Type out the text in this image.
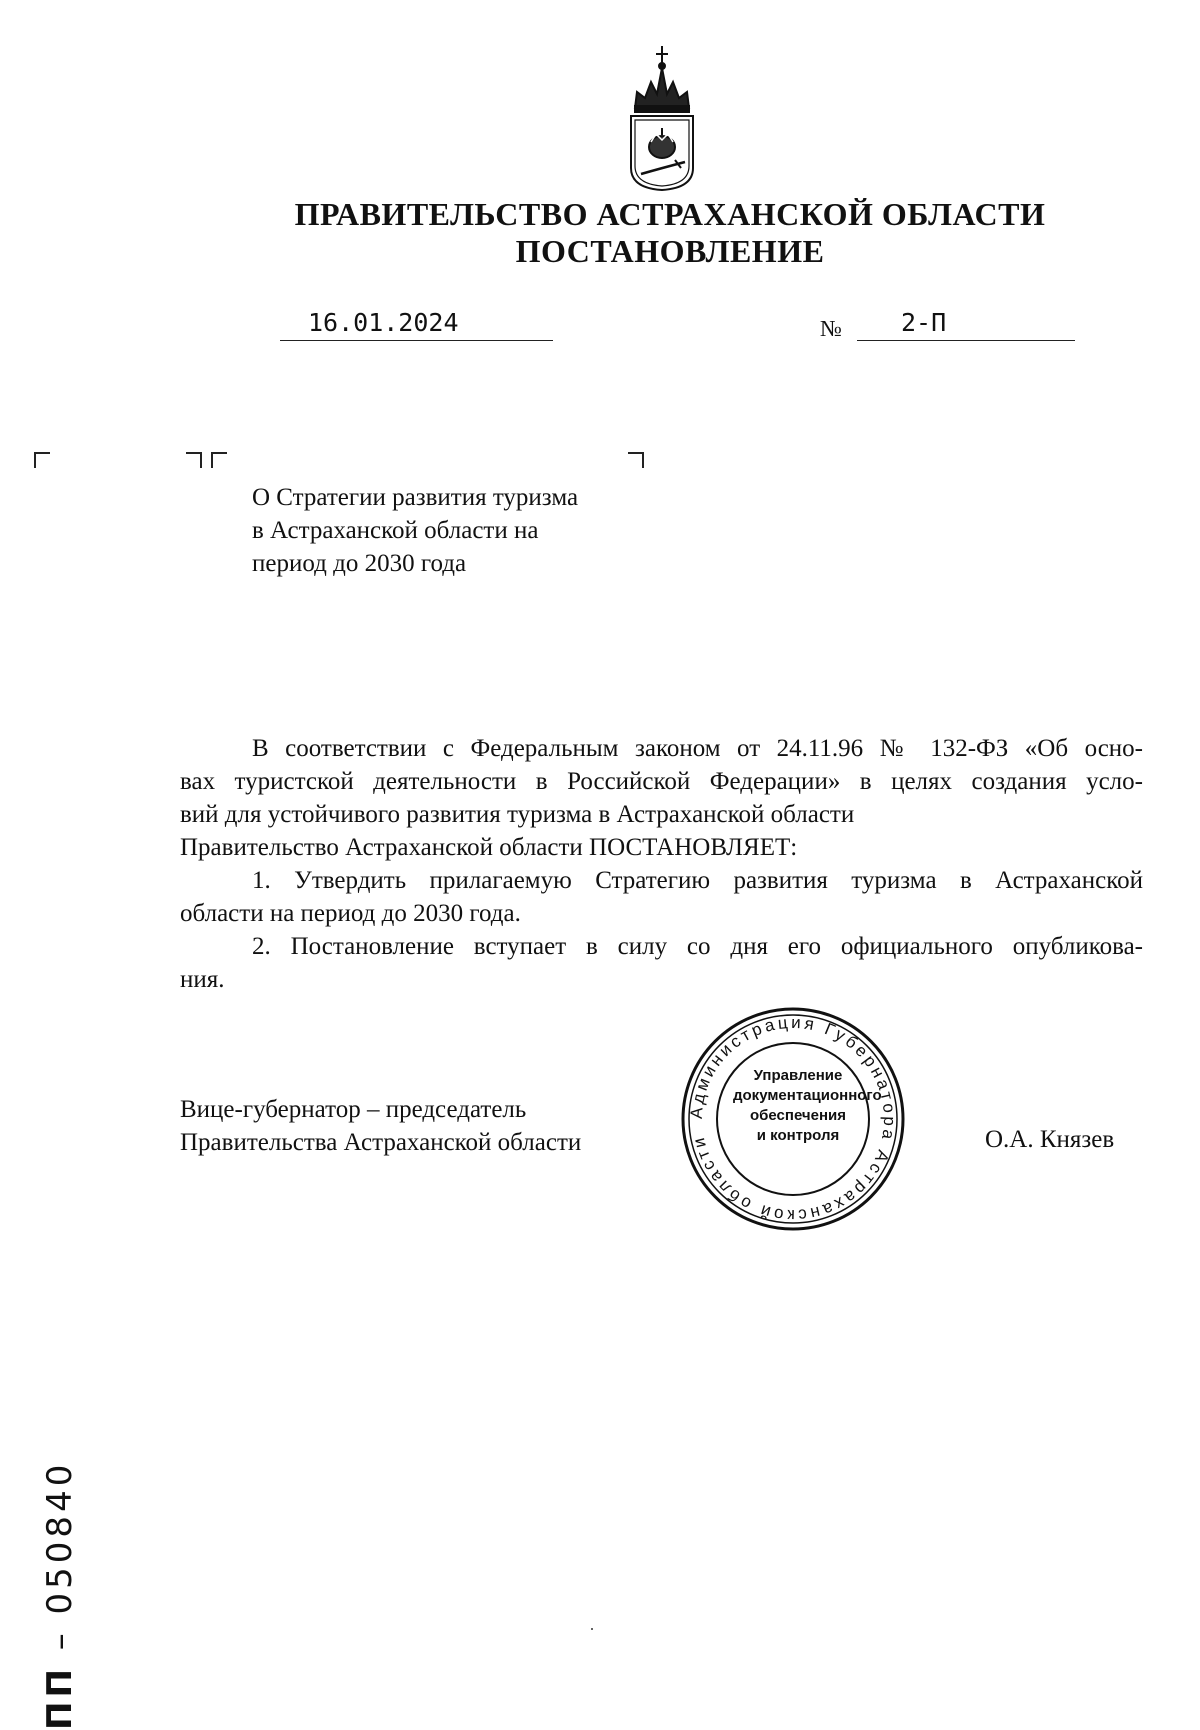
ПРАВИТЕЛЬСТВО АСТРАХАНСКОЙ ОБЛАСТИ
ПОСТАНОВЛЕНИЕ
16.01.2024	№ 2-П
О Стратегии развития туризма
в Астраханской области на
период до 2030 года
В соответствии с Федеральным законом от 24.11.96 № 132-ФЗ «Об осно-
вах туристской деятельности в Российской Федерации» в целях создания усло-
вий для устойчивого развития туризма в Астраханской области
Правительство Астраханской области ПОСТАНОВЛЯЕТ:
1. Утвердить прилагаемую Стратегию развития туризма в Астраханской
области на период до 2030 года.
2. Постановление вступает в силу со дня его официального опубликова-
ния.
Вице-губернатор – председатель
Правительства Астраханской области	О.А. Князев
Администрация Губернатора Астраханской области
Управление
документационного
обеспечения
и контроля
ПП – 050840
